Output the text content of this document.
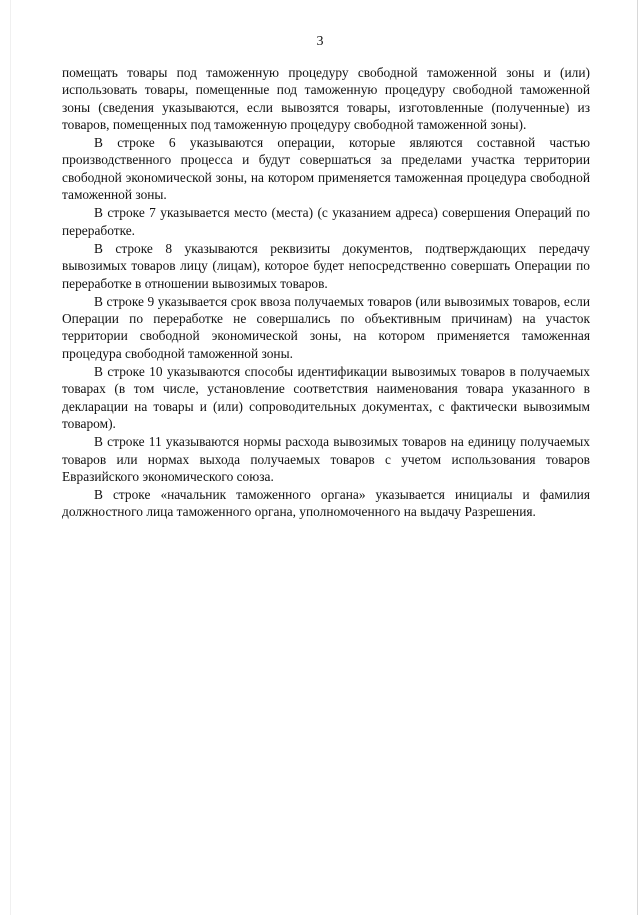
3

помещать товары под таможенную процедуру свободной таможенной зоны и (или) использовать товары, помещенные под таможенную процедуру свободной таможенной зоны (сведения указываются, если вывозятся товары, изготовленные (полученные) из товаров, помещенных под таможенную процедуру свободной таможенной зоны).

В строке 6 указываются операции, которые являются составной частью производственного процесса и будут совершаться за пределами участка территории свободной экономической зоны, на котором применяется таможенная процедура свободной таможенной зоны.

В строке 7 указывается место (места) (с указанием адреса) совершения Операций по переработке.

В строке 8 указываются реквизиты документов, подтверждающих передачу вывозимых товаров лицу (лицам), которое будет непосредственно совершать Операции по переработке в отношении вывозимых товаров.

В строке 9 указывается срок ввоза получаемых товаров (или вывозимых товаров, если Операции по переработке не совершались по объективным причинам) на участок территории свободной экономической зоны, на котором применяется таможенная процедура свободной таможенной зоны.

В строке 10 указываются способы идентификации вывозимых товаров в получаемых товарах (в том числе, установление соответствия наименования товара указанного в декларации на товары и (или) сопроводительных документах, с фактически вывозимым товаром).

В строке 11 указываются нормы расхода вывозимых товаров на единицу получаемых товаров или нормах выхода получаемых товаров с учетом использования товаров Евразийского экономического союза.

В строке «начальник таможенного органа» указывается инициалы и фамилия должностного лица таможенного органа, уполномоченного на выдачу Разрешения.
